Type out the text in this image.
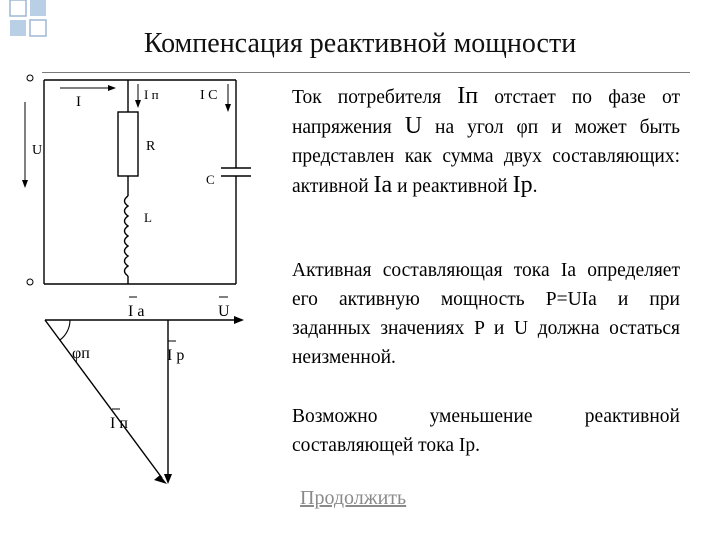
Компенсация реактивной мощности
I
U
I п
R
L
C
I C
I а	U
φп	I р
I п
Ток потребителя Iп отстает по фазе от напряжения U на угол φп и может быть представлен как сумма двух составляющих: активной Iа и реактивной Iр.
Активная составляющая тока Iа определяет его активную мощность P=UIа и при заданных значениях P и U должна остаться неизменной.
Возможно уменьшение реактивной составляющей тока Iр.
Продолжить
